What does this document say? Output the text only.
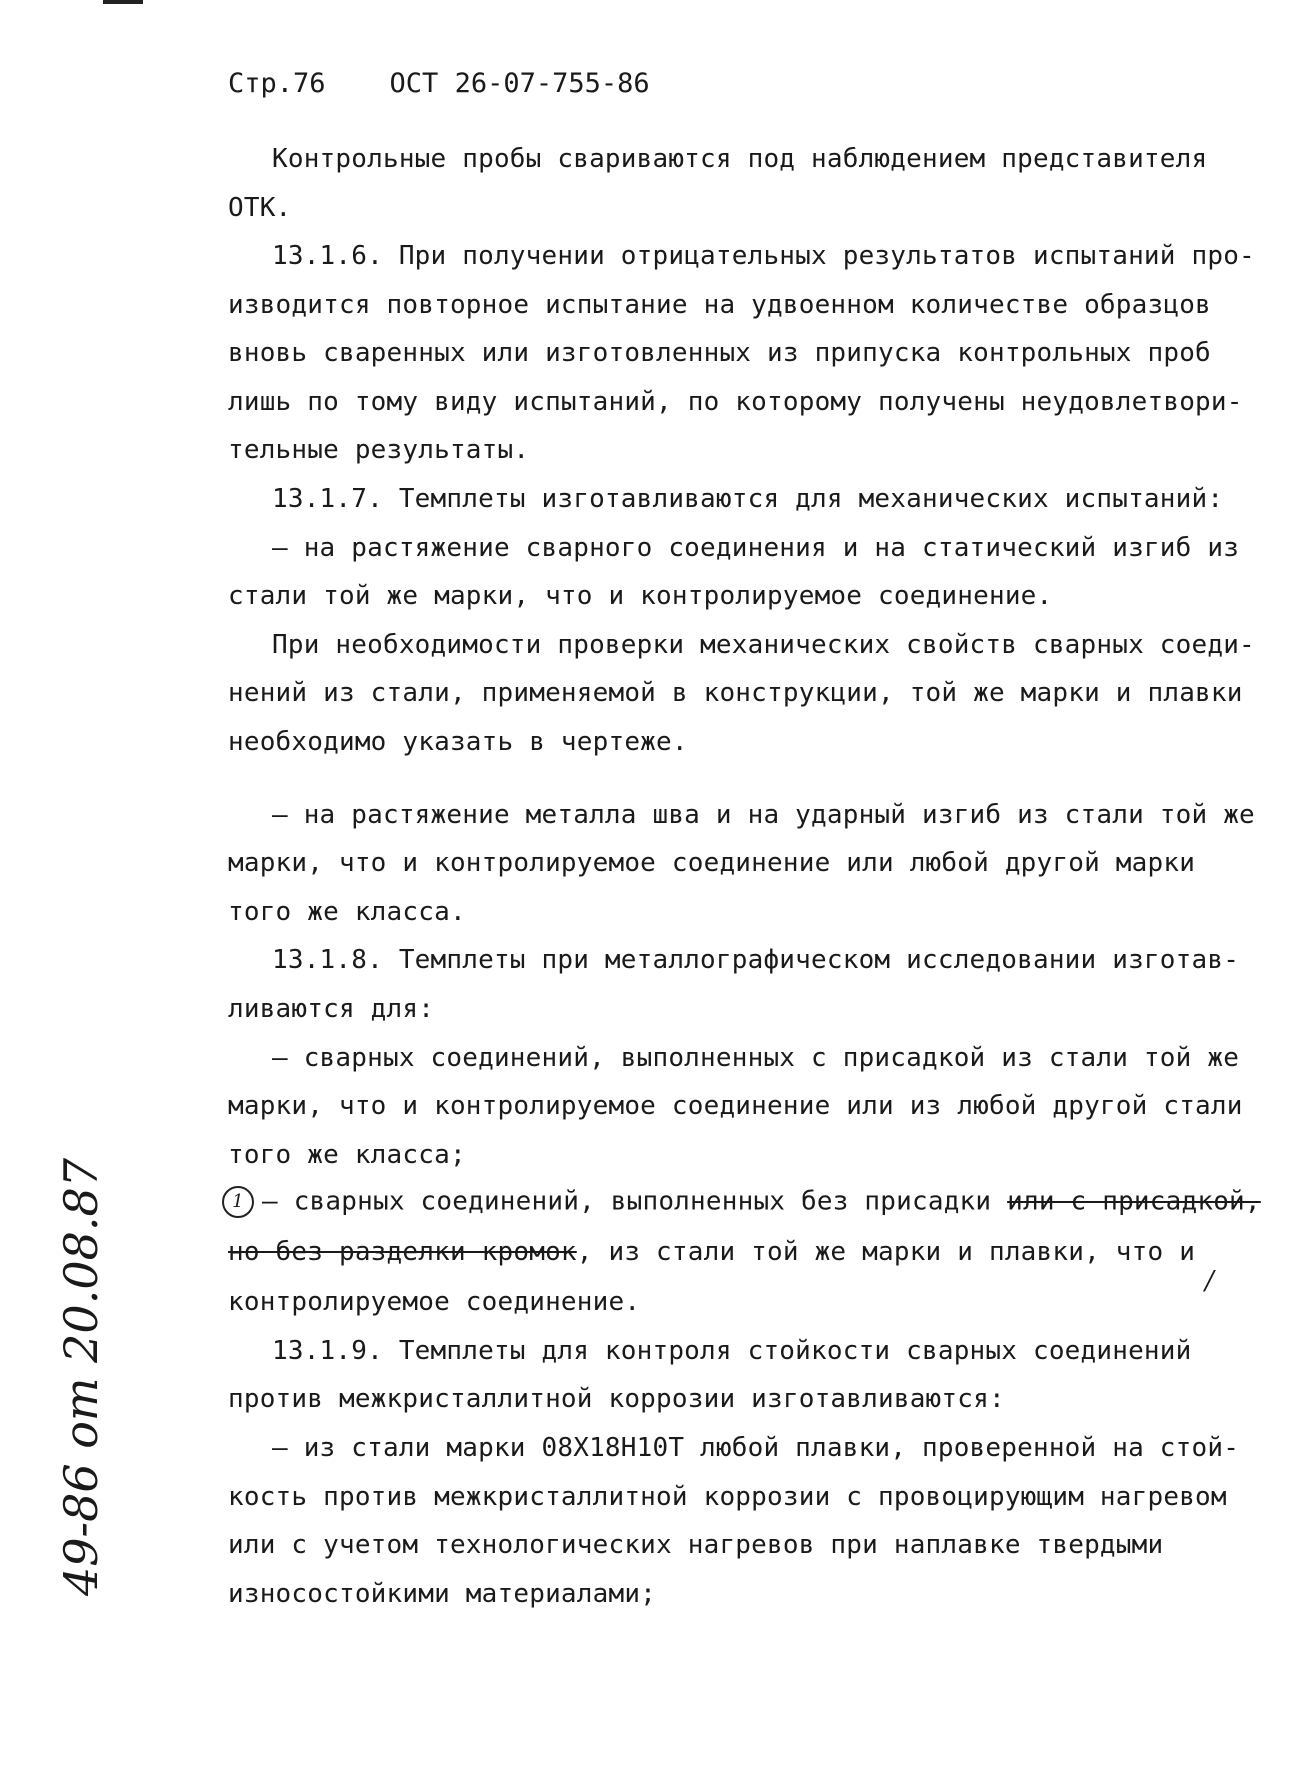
Стр.76 ОСТ 26-07-755-86
Контрольные пробы свариваются под наблюдением представителя
ОТК.
13.1.6. При получении отрицательных результатов испытаний про-
изводится повторное испытание на удвоенном количестве образцов
вновь сваренных или изготовленных из припуска контрольных проб
лишь по тому виду испытаний, по которому получены неудовлетвори-
тельные результаты.
13.1.7. Темплеты изготавливаются для механических испытаний:
– на растяжение сварного соединения и на статический изгиб из
стали той же марки, что и контролируемое соединение.
При необходимости проверки механических свойств сварных соеди-
нений из стали, применяемой в конструкции, той же марки и плавки
необходимо указать в чертеже.
– на растяжение металла шва и на ударный изгиб из стали той же
марки, что и контролируемое соединение или любой другой марки
того же класса.
13.1.8. Темплеты при металлографическом исследовании изготав-
ливаются для:
– сварных соединений, выполненных с присадкой из стали той же
марки, что и контролируемое соединение или из любой другой стали
того же класса;
1 – сварных соединений, выполненных без присадки или с присадкой,
но без разделки кромок, из стали той же марки и плавки, что и
/
контролируемое соединение.
13.1.9. Темплеты для контроля стойкости сварных соединений
против межкристаллитной коррозии изготавливаются:
– из стали марки 08Х18Н10Т любой плавки, проверенной на стой-
кость против межкристаллитной коррозии с провоцирующим нагревом
или с учетом технологических нагревов при наплавке твердыми
износостойкими материалами;
49-86 от 20.08.87
